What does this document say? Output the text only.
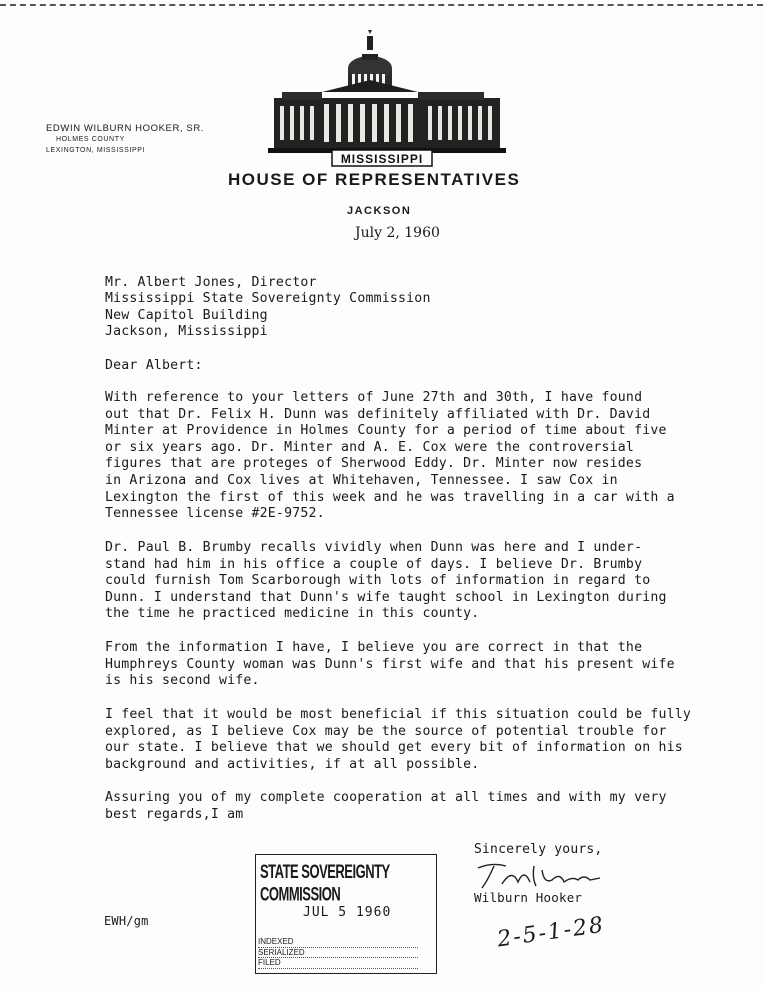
EDWIN WILBURN HOOKER, SR.
HOLMES COUNTY
LEXINGTON, MISSISSIPPI
MISSISSIPPI
HOUSE OF REPRESENTATIVES
JACKSON
July 2, 1960
Mr. Albert Jones, Director
Mississippi State Sovereignty Commission
New Capitol Building
Jackson, Mississippi
Dear Albert:

With reference to your letters of June 27th and 30th, I have found

out that Dr. Felix H. Dunn was definitely affiliated with Dr. David

Minter at Providence in Holmes County for a period of time about five

or six years ago. Dr. Minter and A. E. Cox were the controversial

figures that are proteges of Sherwood Eddy. Dr. Minter now resides

in Arizona and Cox lives at Whitehaven, Tennessee. I saw Cox in

Lexington the first of this week and he was travelling in a car with a

Tennessee license #2E-9752.

Dr. Paul B. Brumby recalls vividly when Dunn was here and I under-

stand had him in his office a couple of days. I believe Dr. Brumby

could furnish Tom Scarborough with lots of information in regard to

Dunn. I understand that Dunn's wife taught school in Lexington during

the time he practiced medicine in this county.

From the information I have, I believe you are correct in that the

Humphreys County woman was Dunn's first wife and that his present wife

is his second wife.

I feel that it would be most beneficial if this situation could be fully

explored, as I believe Cox may be the source of potential trouble for

our state. I believe that we should get every bit of information on his

background and activities, if at all possible.

Assuring you of my complete cooperation at all times and with my very

best regards,I am

Sincerely yours,
Wilburn Hooker
EWH/gm
STATE SOVEREIGNTY COMMISSION
JUL 5 1960
INDEXED
SERIALIZED
FILED
2-5-1-28
